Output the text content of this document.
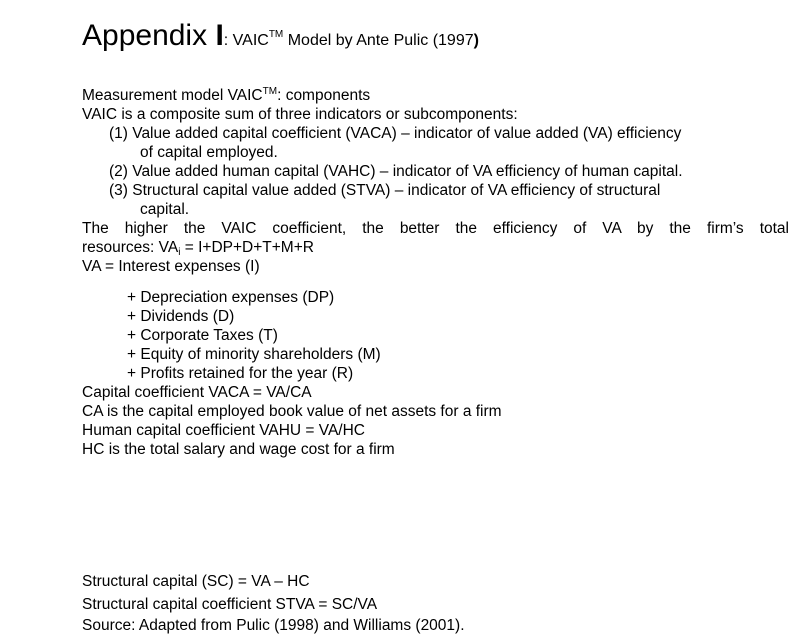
Appendix I: VAIC™ Model by Ante Pulic (1997)
Measurement model VAIC™: components
VAIC is a composite sum of three indicators or subcomponents:
(1) Value added capital coefficient (VACA) – indicator of value added (VA) efficiency
of capital employed.
(2) Value added human capital (VAHC) – indicator of VA efficiency of human capital.
(3) Structural capital value added (STVA) – indicator of VA efficiency of structural
capital.
The higher the VAIC coefficient, the better the efficiency of VA by the firm’s total
resources: $VA_i = I+DP+D+T+M+R$
VA = Interest expenses (I)
+ Depreciation expenses (DP)
+ Dividends (D)
+ Corporate Taxes (T)
+ Equity of minority shareholders (M)
+ Profits retained for the year (R)
Capital coefficient VACA = VA/CA
CA is the capital employed book value of net assets for a firm
Human capital coefficient VAHU = VA/HC
HC is the total salary and wage cost for a firm
Structural capital (SC) = VA – HC
Structural capital coefficient STVA = SC/VA
Source: Adapted from Pulic (1998) and Williams (2001).
